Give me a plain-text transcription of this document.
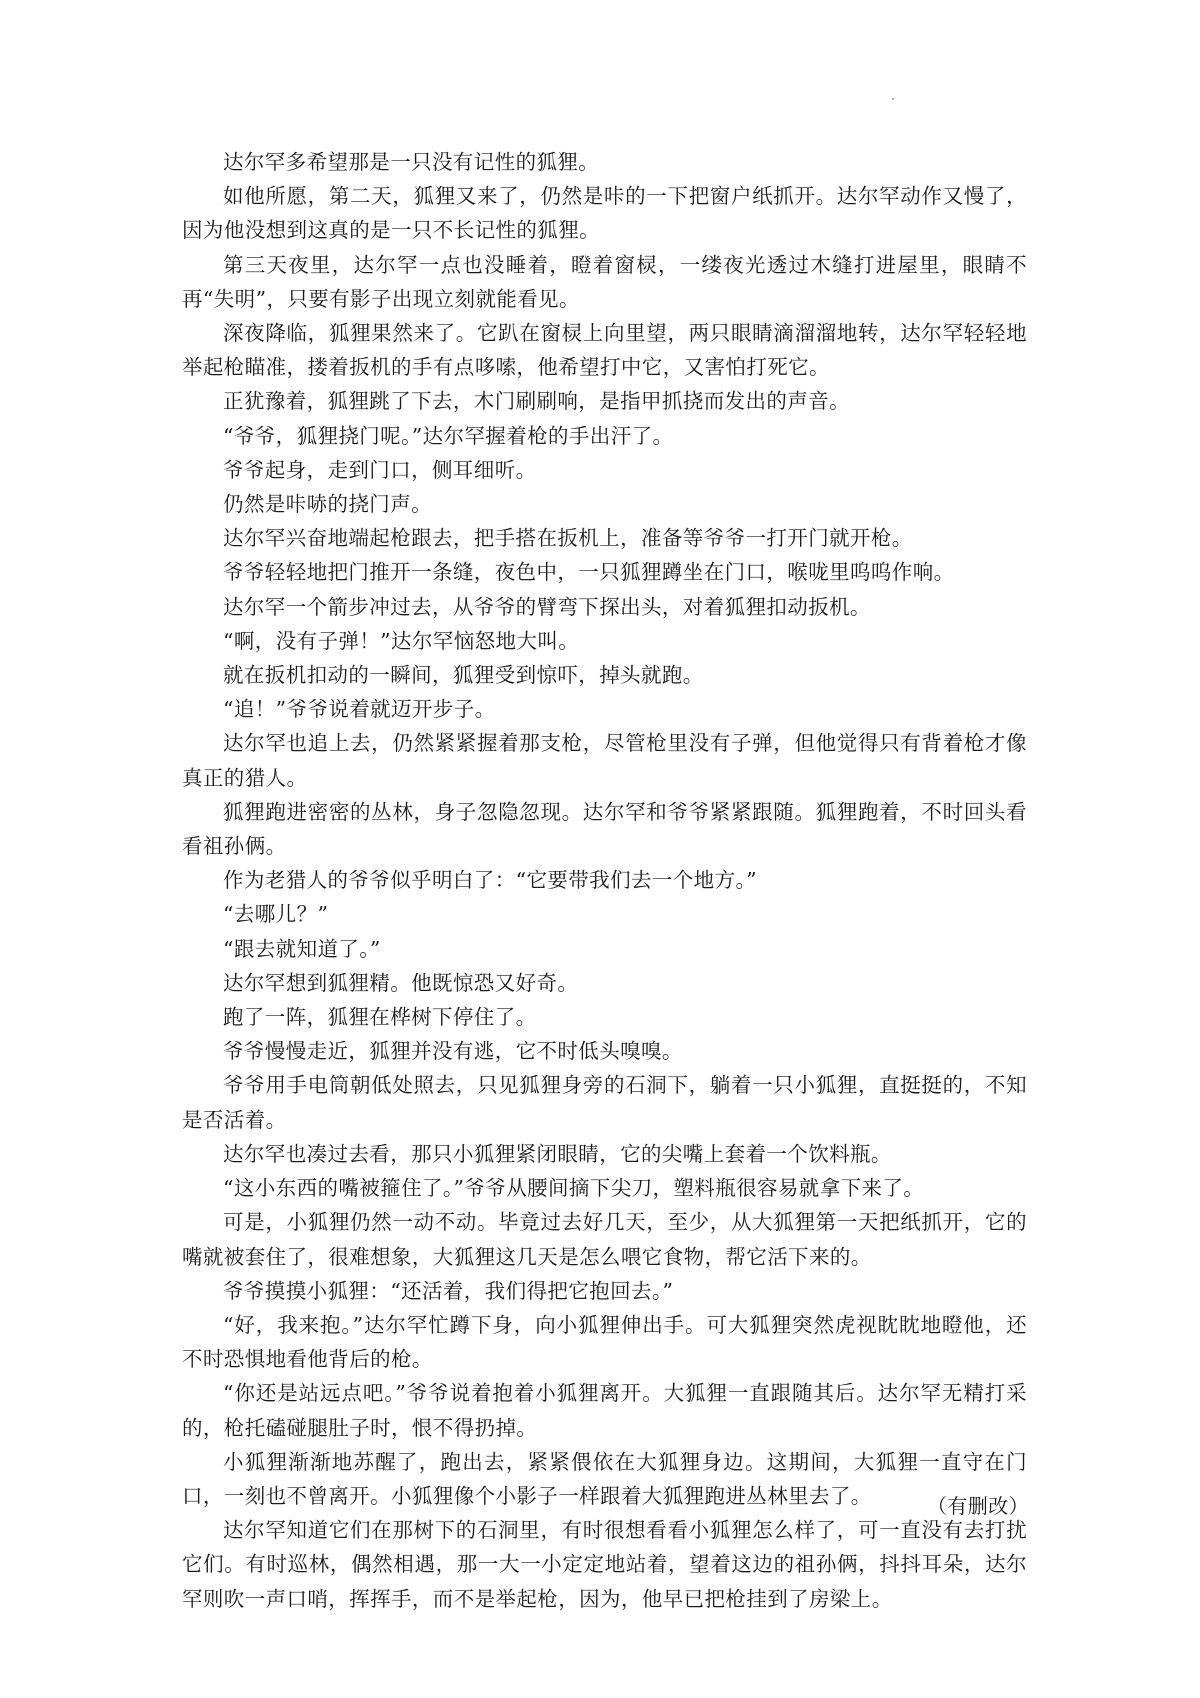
达尔罕多希望那是一只没有记性的狐狸。

如他所愿，第二天，狐狸又来了，仍然是咔的一下把窗户纸抓开。达尔罕动作又慢了，因为他没想到这真的是一只不长记性的狐狸。

第三天夜里，达尔罕一点也没睡着，瞪着窗棂，一缕夜光透过木缝打进屋里，眼睛不再“失明”，只要有影子出现立刻就能看见。

深夜降临，狐狸果然来了。它趴在窗棂上向里望，两只眼睛滴溜溜地转，达尔罕轻轻地举起枪瞄准，搂着扳机的手有点哆嗦，他希望打中它，又害怕打死它。

正犹豫着，狐狸跳了下去，木门刷刷响，是指甲抓挠而发出的声音。

“爷爷，狐狸挠门呢。”达尔罕握着枪的手出汗了。

爷爷起身，走到门口，侧耳细听。

仍然是咔哧的挠门声。

达尔罕兴奋地端起枪跟去，把手搭在扳机上，准备等爷爷一打开门就开枪。

爷爷轻轻地把门推开一条缝，夜色中，一只狐狸蹲坐在门口，喉咙里呜呜作响。

达尔罕一个箭步冲过去，从爷爷的臂弯下探出头，对着狐狸扣动扳机。

“啊，没有子弹！”达尔罕恼怒地大叫。

就在扳机扣动的一瞬间，狐狸受到惊吓，掉头就跑。

“追！”爷爷说着就迈开步子。

达尔罕也追上去，仍然紧紧握着那支枪，尽管枪里没有子弹，但他觉得只有背着枪才像真正的猎人。

狐狸跑进密密的丛林，身子忽隐忽现。达尔罕和爷爷紧紧跟随。狐狸跑着，不时回头看看祖孙俩。

作为老猎人的爷爷似乎明白了：“它要带我们去一个地方。”

“去哪儿？”

“跟去就知道了。”

达尔罕想到狐狸精。他既惊恐又好奇。

跑了一阵，狐狸在桦树下停住了。

爷爷慢慢走近，狐狸并没有逃，它不时低头嗅嗅。

爷爷用手电筒朝低处照去，只见狐狸身旁的石洞下，躺着一只小狐狸，直挺挺的，不知是否活着。

达尔罕也凑过去看，那只小狐狸紧闭眼睛，它的尖嘴上套着一个饮料瓶。

“这小东西的嘴被箍住了。”爷爷从腰间摘下尖刀，塑料瓶很容易就拿下来了。

可是，小狐狸仍然一动不动。毕竟过去好几天，至少，从大狐狸第一天把纸抓开，它的嘴就被套住了，很难想象，大狐狸这几天是怎么喂它食物，帮它活下来的。

爷爷摸摸小狐狸：“还活着，我们得把它抱回去。”

“好，我来抱。”达尔罕忙蹲下身，向小狐狸伸出手。可大狐狸突然虎视眈眈地瞪他，还不时恐惧地看他背后的枪。

“你还是站远点吧。”爷爷说着抱着小狐狸离开。大狐狸一直跟随其后。达尔罕无精打采的，枪托磕碰腿肚子时，恨不得扔掉。

小狐狸渐渐地苏醒了，跑出去，紧紧偎依在大狐狸身边。这期间，大狐狸一直守在门口，一刻也不曾离开。小狐狸像个小影子一样跟着大狐狸跑进丛林里去了。

达尔罕知道它们在那树下的石洞里，有时很想看看小狐狸怎么样了，可一直没有去打扰它们。有时巡林，偶然相遇，那一大一小定定地站着，望着这边的祖孙俩，抖抖耳朵，达尔罕则吹一声口哨，挥挥手，而不是举起枪，因为，他早已把枪挂到了房梁上。

（有删改）
